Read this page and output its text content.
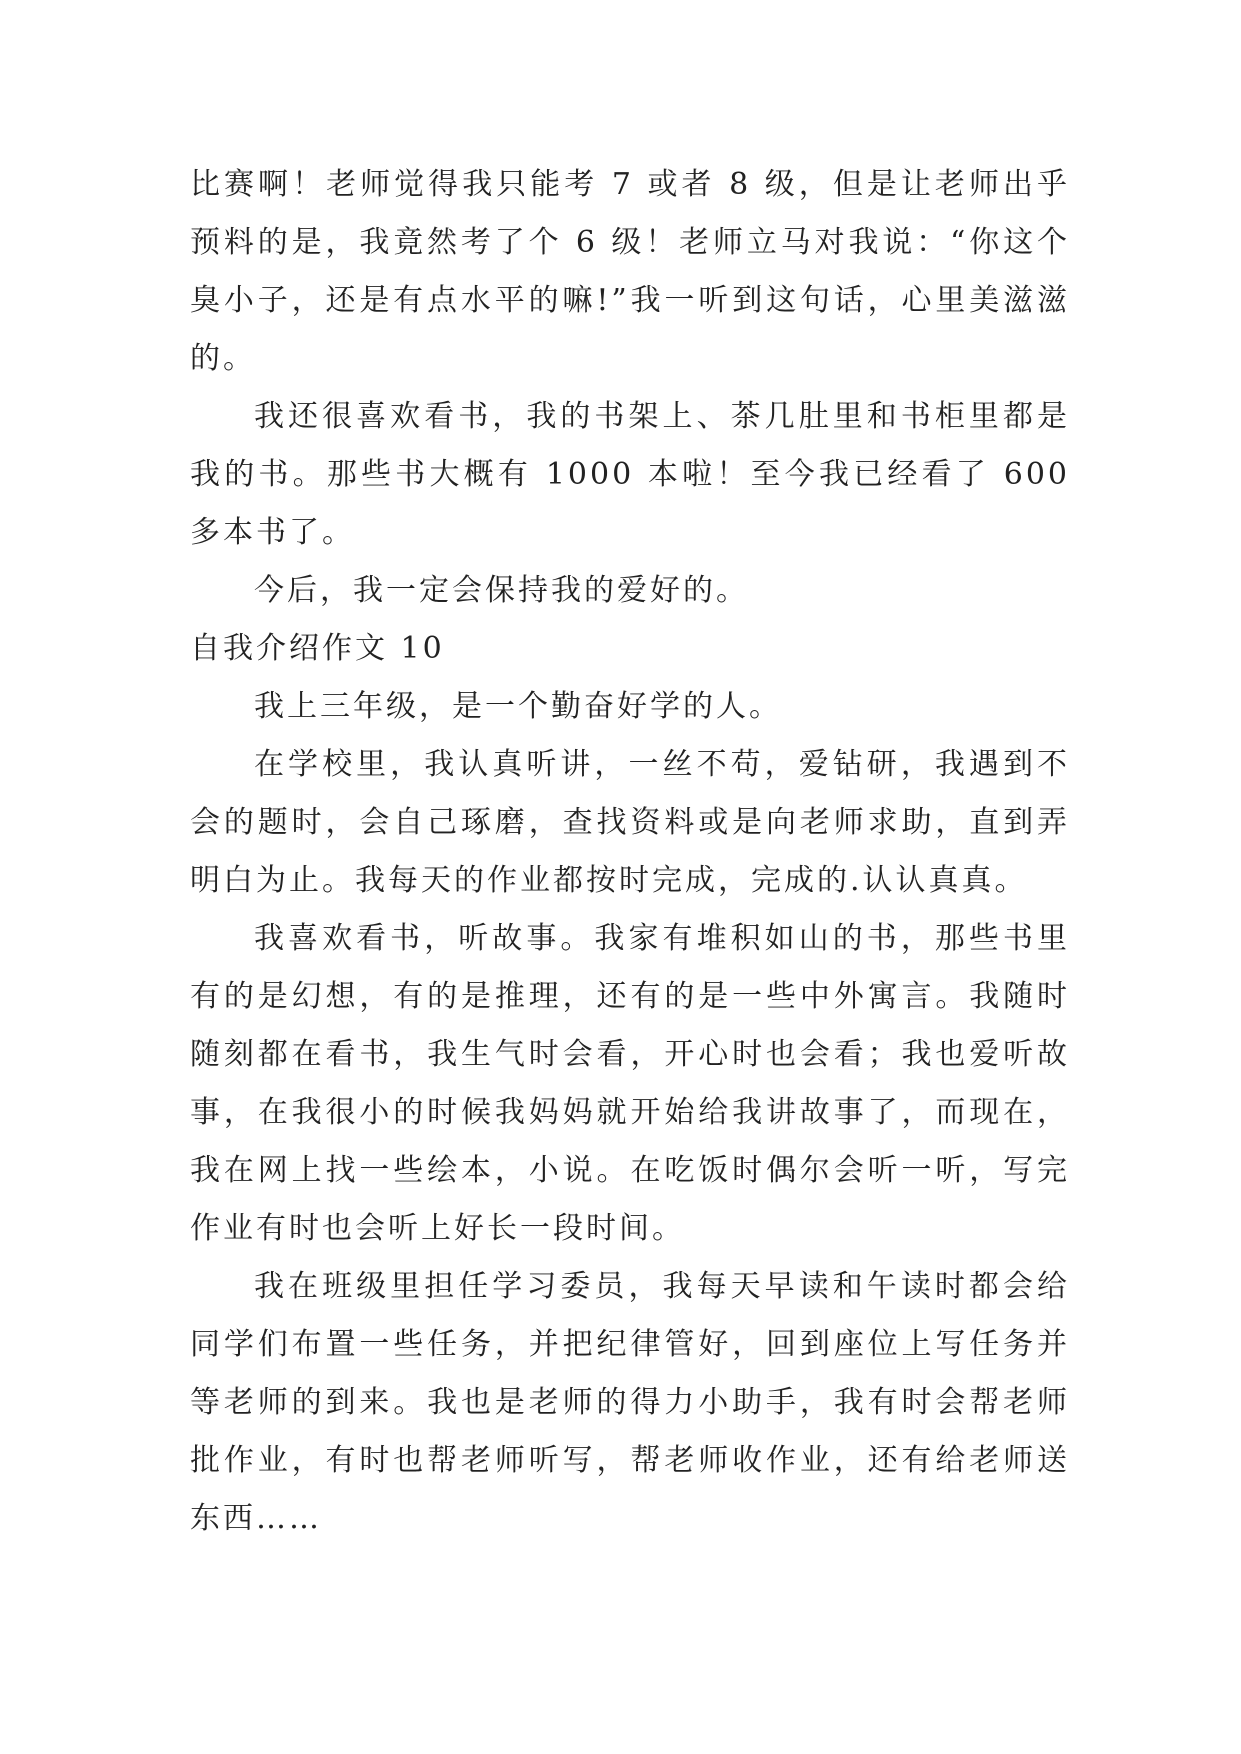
比赛啊！老师觉得我只能考 7 或者 8 级，但是让老师出乎预料的是，我竟然考了个 6 级！老师立马对我说：“你这个臭小子，还是有点水平的嘛!”我一听到这句话，心里美滋滋的。

我还很喜欢看书，我的书架上、茶几肚里和书柜里都是我的书。那些书大概有 1000 本啦！至今我已经看了 600 多本书了。

今后，我一定会保持我的爱好的。

自我介绍作文 10

我上三年级，是一个勤奋好学的人。

在学校里，我认真听讲，一丝不苟，爱钻研，我遇到不会的题时，会自己琢磨，查找资料或是向老师求助，直到弄明白为止。我每天的作业都按时完成，完成的.认认真真。

我喜欢看书，听故事。我家有堆积如山的书，那些书里有的是幻想，有的是推理，还有的是一些中外寓言。我随时随刻都在看书，我生气时会看，开心时也会看；我也爱听故事，在我很小的时候我妈妈就开始给我讲故事了，而现在，我在网上找一些绘本，小说。在吃饭时偶尔会听一听，写完作业有时也会听上好长一段时间。

我在班级里担任学习委员，我每天早读和午读时都会给同学们布置一些任务，并把纪律管好，回到座位上写任务并等老师的到来。我也是老师的得力小助手，我有时会帮老师批作业，有时也帮老师听写，帮老师收作业，还有给老师送东西……
